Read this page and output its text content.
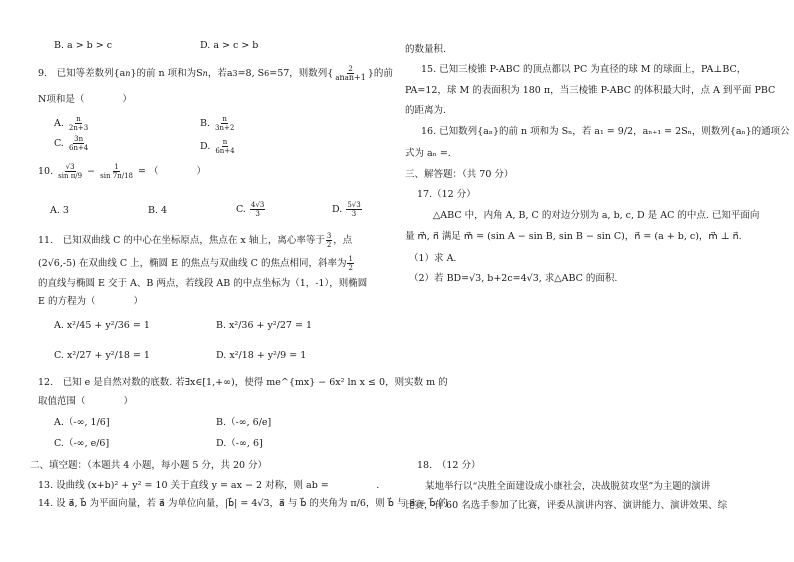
B. a > b > c	D. a > c > b
9.　已知等差数列{an}的前 n 项和为Sn，若a3=8, S6=57，则数列{ $\frac{2}{\text{anan+1}}$ }的前
N项和是（　　　　）
A. $\frac{n}{2n+3}$	B. $\frac{n}{3n+2}$
C. $\frac{3n}{6n+4}$	D. $\frac{n}{6n+4}$
10. $\frac{√3}{\text{sin π/9}} - \frac{1}{\sin 7\pi/18}$ = （　　　　）
A. 3	B. 4	C. $\frac{4√3}{3}$	D. $\frac{5√3}{3}$
11.　已知双曲线 C 的中心在坐标原点，焦点在 x 轴上，离心率等于 $\frac{3}{2}$ ，点
(2√6,-5) 在双曲线 C 上，椭圆 E 的焦点与双曲线 C 的焦点相同，斜率为 $\frac{1}{2}$
的直线与椭圆 E 交于 A、B 两点，若线段 AB 的中点坐标为（1，-1），则椭圆
E 的方程为（　　　　）
A. x²/45 + y²/36 = 1	B. x²/36 + y²/27 = 1
C. x²/27 + y²/18 = 1	D. x²/18 + y²/9 = 1
12.　已知 e 是自然对数的底数. 若∃x∈[1,+∞)，使得 me^{mx} − 6x² ln x ≤ 0，则实数 m 的
取值范围（　　　　）
A.（-∞, 1/6]	B.（-∞, 6/e]
C.（-∞, e/6]	D.（-∞, 6]
二、填空题：（本题共 4 小题，每小题 5 分，共 20 分）
13. 设曲线 (x+b)² + y² = 10 关于直线 y = ax − 2 对称，则 ab =　　　　　.
14. 设 a⃗, b⃗ 为平面向量，若 a⃗ 为单位向量，|b⃗| = 4√3，a⃗ 与 b⃗ 的夹角为 π/6，则 b⃗ 与 a⃗ − b⃗ 的
的数量积.
15. 已知三棱锥 P-ABC 的顶点都以 PC 为直径的球 M 的球面上，PA⊥BC，
PA=12，球 M 的表面积为 180 π，当三棱锥 P-ABC 的体积最大时，点 A 到平面 PBC
的距离为.
16. 已知数列{aₙ}的前 n 项和为 Sₙ，若 a₁ = 9/2，aₙ₊₁ = 2Sₙ，则数列{aₙ}的通项公
式为 aₙ =.
三、解答题：（共 70 分）
17.（12 分）
△ABC 中，内角 A, B, C 的对边分别为 a, b, c, D 是 AC 的中点. 已知平面向
量 m⃗, n⃗ 满足 m⃗ = (sin A − sin B, sin B − sin C)，n⃗ = (a + b, c)，m⃗ ⊥ n⃗.
（1）求 A.
（2）若 BD=√3, b+2c=4√3, 求△ABC 的面积.
18.　（12 分）
某地举行以“决胜全面建设成小康社会，决战脱贫攻坚”为主题的演讲
比赛，有 60 名选手参加了比赛，评委从演讲内容、演讲能力、演讲效果、综
